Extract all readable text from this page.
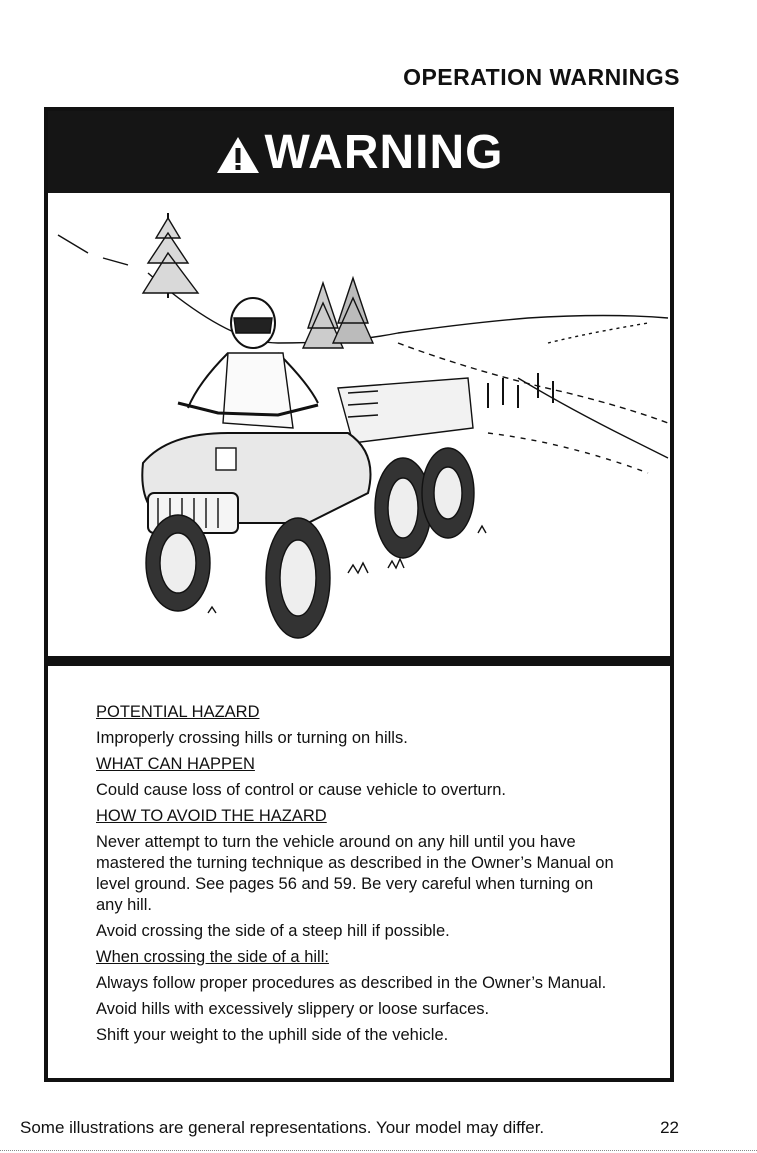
OPERATION WARNINGS
WARNING

POTENTIAL HAZARD

Improperly crossing hills or turning on hills.

WHAT CAN HAPPEN

Could cause loss of control or cause vehicle to overturn.

HOW TO AVOID THE HAZARD

Never attempt to turn the vehicle around on any hill until you have mastered the turning technique as described in the Owner’s Manual on level ground. See pages 56 and 59. Be very careful when turning on any hill.

Avoid crossing the side of a steep hill if possible.

When crossing the side of a hill:

Always follow proper procedures as described in the Owner’s Manual.

Avoid hills with excessively slippery or loose surfaces.

Shift your weight to the uphill side of the vehicle.

Some illustrations are general representations. Your model may differ.	22
